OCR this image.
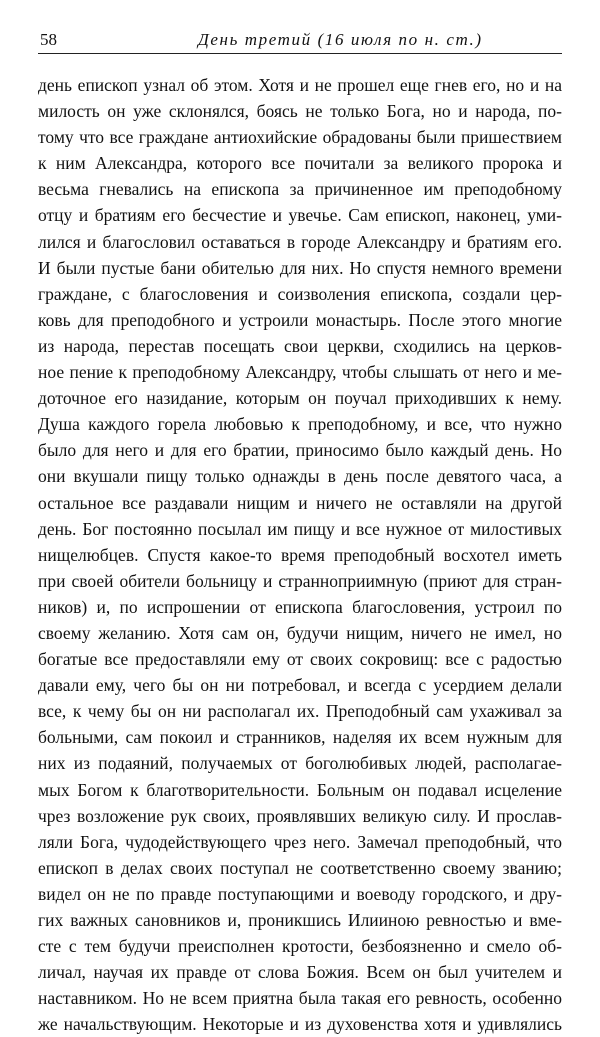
58	День третий (16 июля по н. ст.)
день епископ узнал об этом. Хотя и не прошел еще гнев его, но и на
милость он уже склонялся, боясь не только Бога, но и народа, по-
тому что все граждане антиохийские обрадованы были пришествием
к ним Александра, которого все почитали за великого пророка и
весьма гневались на епископа за причиненное им преподобному
отцу и братиям его бесчестие и увечье. Сам епископ, наконец, уми-
лился и благословил оставаться в городе Александру и братиям его.
И были пустые бани обителью для них. Но спустя немного времени
граждане, с благословения и соизволения епископа, создали цер-
ковь для преподобного и устроили монастырь. После этого многие
из народа, перестав посещать свои церкви, сходились на церков-
ное пение к преподобному Александру, чтобы слышать от него и ме-
доточное его назидание, которым он поучал приходивших к нему.
Душа каждого горела любовью к преподобному, и все, что нужно
было для него и для его братии, приносимо было каждый день. Но
они вкушали пищу только однажды в день после девятого часа, а
остальное все раздавали нищим и ничего не оставляли на другой
день. Бог постоянно посылал им пищу и все нужное от милостивых
нищелюбцев. Спустя какое-то время преподобный восхотел иметь
при своей обители больницу и странноприимную (приют для стран-
ников) и, по испрошении от епископа благословения, устроил по
своему желанию. Хотя сам он, будучи нищим, ничего не имел, но
богатые все предоставляли ему от своих сокровищ: все с радостью
давали ему, чего бы он ни потребовал, и всегда с усердием делали
все, к чему бы он ни располагал их. Преподобный сам ухаживал за
больными, сам покоил и странников, наделяя их всем нужным для
них из подаяний, получаемых от боголюбивых людей, располагае-
мых Богом к благотворительности. Больным он подавал исцеление
чрез возложение рук своих, проявлявших великую силу. И прослав-
ляли Бога, чудодействующего чрез него. Замечал преподобный, что
епископ в делах своих поступал не соответственно своему званию;
видел он не по правде поступающими и воеводу городского, и дру-
гих важных сановников и, проникшись Илииною ревностью и вме-
сте с тем будучи преисполнен кротости, безбоязненно и смело об-
личал, научая их правде от слова Божия. Всем он был учителем и
наставником. Но не всем приятна была такая его ревность, особенно
же начальствующим. Некоторые и из духовенства хотя и удивлялись
